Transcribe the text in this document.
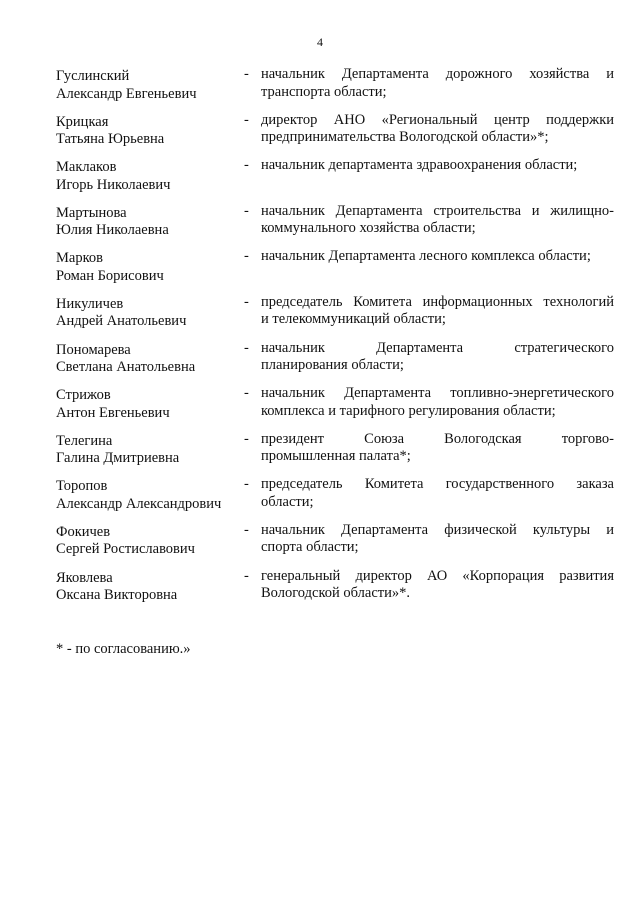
4
Гуслинский
Александр Евгеньевич
- начальник Департамента дорожного хозяйства и
транспорта области;
Крицкая
Татьяна Юрьевна
- директор АНО «Региональный центр поддержки
предпринимательства Вологодской области»*;
Маклаков
Игорь Николаевич
- начальник департамента здравоохранения области;
Мартынова
Юлия Николаевна
- начальник Департамента строительства и жилищно-
коммунального хозяйства области;
Марков
Роман Борисович
- начальник Департамента лесного комплекса области;
Никуличев
Андрей Анатольевич
- председатель Комитета информационных технологий
и телекоммуникаций области;
Пономарева
Светлана Анатольевна
- начальник Департамента стратегического
планирования области;
Стрижов
Антон Евгеньевич
- начальник Департамента топливно-энергетического
комплекса и тарифного регулирования области;
Телегина
Галина Дмитриевна
- президент Союза Вологодская торгово-
промышленная палата*;
Торопов
Александр Александрович
- председатель Комитета государственного заказа
области;
Фокичев
Сергей Ростиславович
- начальник Департамента физической культуры и
спорта области;
Яковлева
Оксана Викторовна
- генеральный директор АО «Корпорация развития
Вологодской области»*.
* - по согласованию.»
